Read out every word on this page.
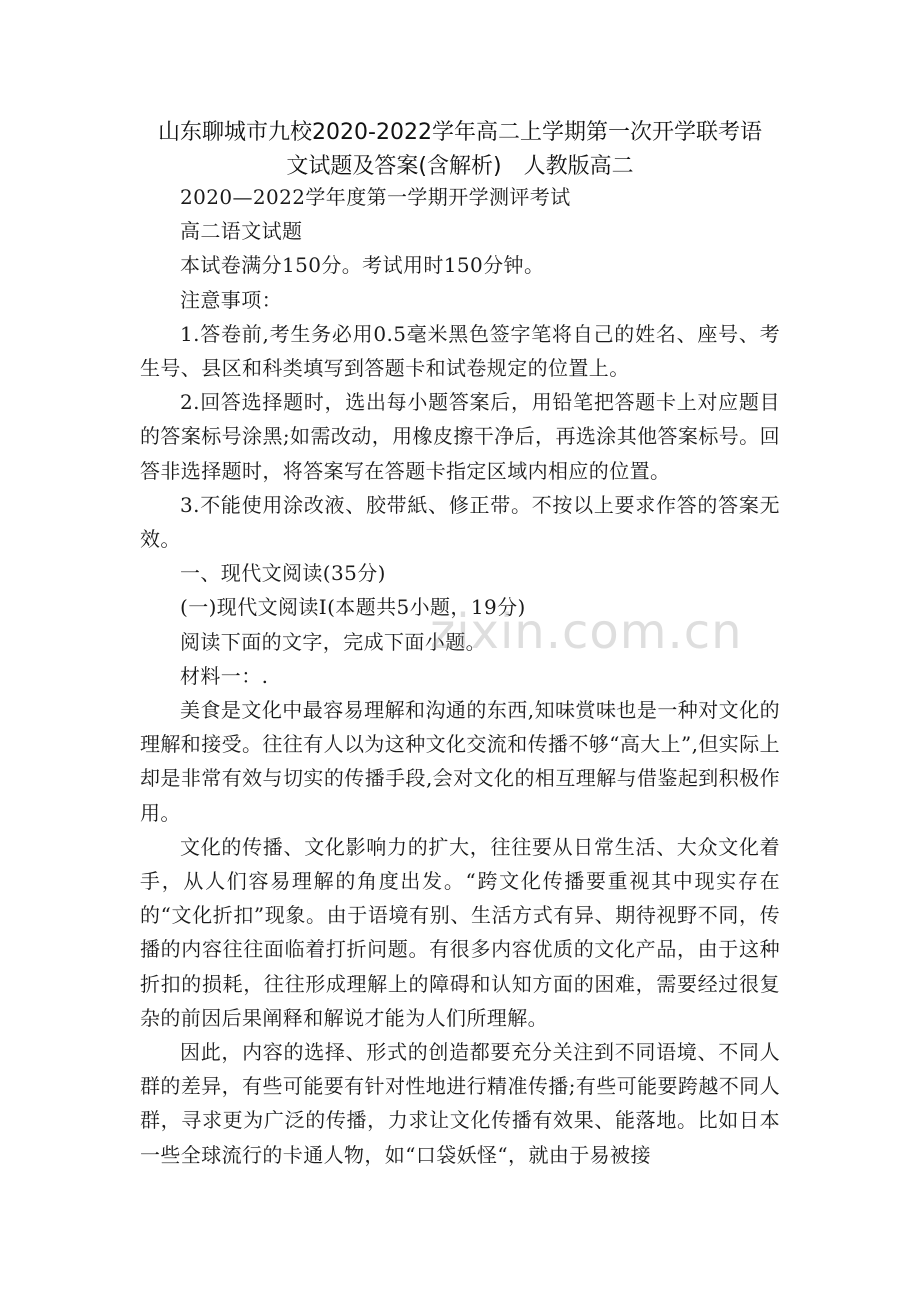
山东聊城市九校2020-2022学年高二上学期第一次开学联考语
文试题及答案(含解析)　人教版高二

2020—2022学年度第一学期开学测评考试

高二语文试题

本试卷满分150分。考试用时150分钟。

注意事项：

1.答卷前,考生务必用0.5毫米黑色签字笔将自己的姓名、座号、考生号、县区和科类填写到答题卡和试卷规定的位置上。

2.回答选择题时，选出每小题答案后，用铅笔把答题卡上对应题目的答案标号涂黑;如需改动，用橡皮擦干净后，再选涂其他答案标号。回答非选择题时，将答案写在答题卡指定区域内相应的位置。

3.不能使用涂改液、胶带紙、修正带。不按以上要求作答的答案无效。

一、现代文阅读(35分)

(一)现代文阅读Ⅰ(本题共5小题，19分)

阅读下面的文字，完成下面小题。

材料一：.

美食是文化中最容易理解和沟通的东西,知味赏味也是一种对文化的理解和接受。往往有人以为这种文化交流和传播不够“高大上”,但实际上却是非常有效与切实的传播手段,会对文化的相互理解与借鉴起到积极作用。

文化的传播、文化影响力的扩大，往往要从日常生活、大众文化着手，从人们容易理解的角度出发。“跨文化传播要重视其中现实存在的“文化折扣”现象。由于语境有别、生活方式有异、期待视野不同，传播的内容往往面临着打折问题。有很多内容优质的文化产品，由于这种折扣的损耗，往往形成理解上的障碍和认知方面的困难，需要经过很复杂的前因后果阐释和解说才能为人们所理解。

因此，内容的选择、形式的创造都要充分关注到不同语境、不同人群的差异，有些可能要有针对性地进行精准传播;有些可能要跨越不同人群，寻求更为广泛的传播，力求让文化传播有效果、能落地。比如日本一些全球流行的卡通人物，如“口袋妖怪“，就由于易被接

zixin.com.cn
